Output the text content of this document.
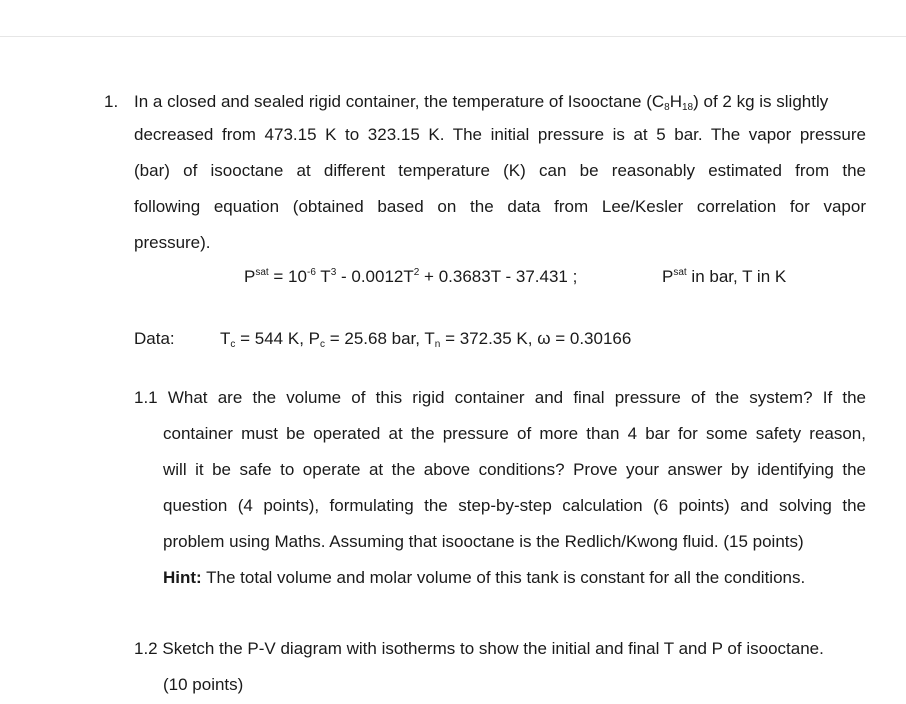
1. In a closed and sealed rigid container, the temperature of Isooctane $(C_8H_{18})$ of 2 kg is slightly
decreased from 473.15 K to 323.15 K. The initial pressure is at 5 bar. The vapor pressure
(bar) of isooctane at different temperature (K) can be reasonably estimated from the
following equation (obtained based on the data from Lee/Kesler correlation for vapor
pressure).
$P^{sat} = 10^{-6}$ $T^3 - 0.0012T^2 + 0.3683T - 37.431$ ;	$P^{sat}$ in bar, T in K
Data:	$T_c = 544$ K, $P_c = 25.68$ bar, $T_n = 372.35$ K, ω = 0.30166
1.1 What are the volume of this rigid container and final pressure of the system? If the
container must be operated at the pressure of more than 4 bar for some safety reason,
will it be safe to operate at the above conditions? Prove your answer by identifying the
question (4 points), formulating the step-by-step calculation (6 points) and solving the
problem using Maths. Assuming that isooctane is the Redlich/Kwong fluid. (15 points)
Hint: The total volume and molar volume of this tank is constant for all the conditions.
1.2 Sketch the P-V diagram with isotherms to show the initial and final T and P of isooctane.
(10 points)
